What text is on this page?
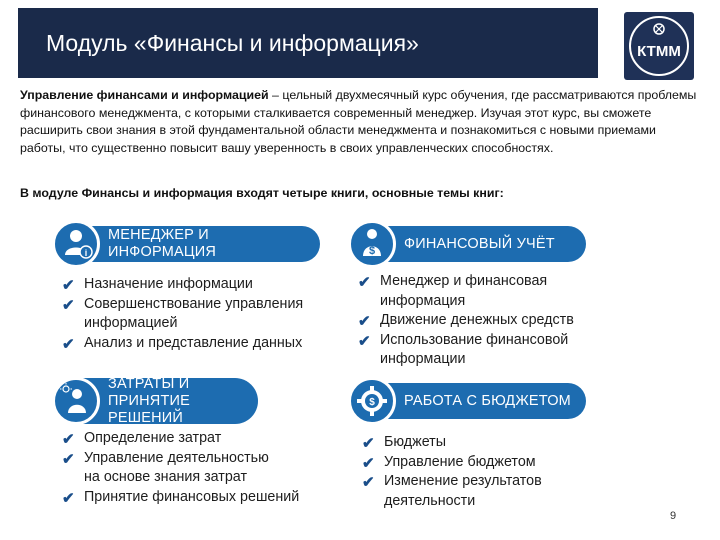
Модуль «Финансы и информация»	КТММ

Управление финансами и информацией – цельный двухмесячный курс обучения, где рассматриваются проблемы финансового менеджмента, с которыми сталкивается современный менеджер. Изучая этот курс, вы сможете расширить свои знания в этой фундаментальной области менеджмента и познакомиться с новыми приемами работы, что существенно повысит вашу уверенность в своих управленческих способностях.

В модуле Финансы и информация входят четыре книги, основные темы книг:
i
МЕНЕДЖЕР И ИНФОРМАЦИЯ
✔ Назначение информации
✔ Совершенствование управления
информацией
✔ Анализ и представление данных
$ ФИНАНСОВЫЙ УЧЁТ
✔ Менеджер и финансовая
информация
✔ Движение денежных средств
✔ Использование финансовой
информации
ЗАТРАТЫ И ПРИНЯТИЕ
РЕШЕНИЙ
✔ Определение затрат
✔ Управление деятельностью
на основе знания затрат
✔ Принятие финансовых решений
$ РАБОТА С БЮДЖЕТОМ
✔ Бюджеты
✔ Управление бюджетом
✔ Изменение результатов
деятельности
9
